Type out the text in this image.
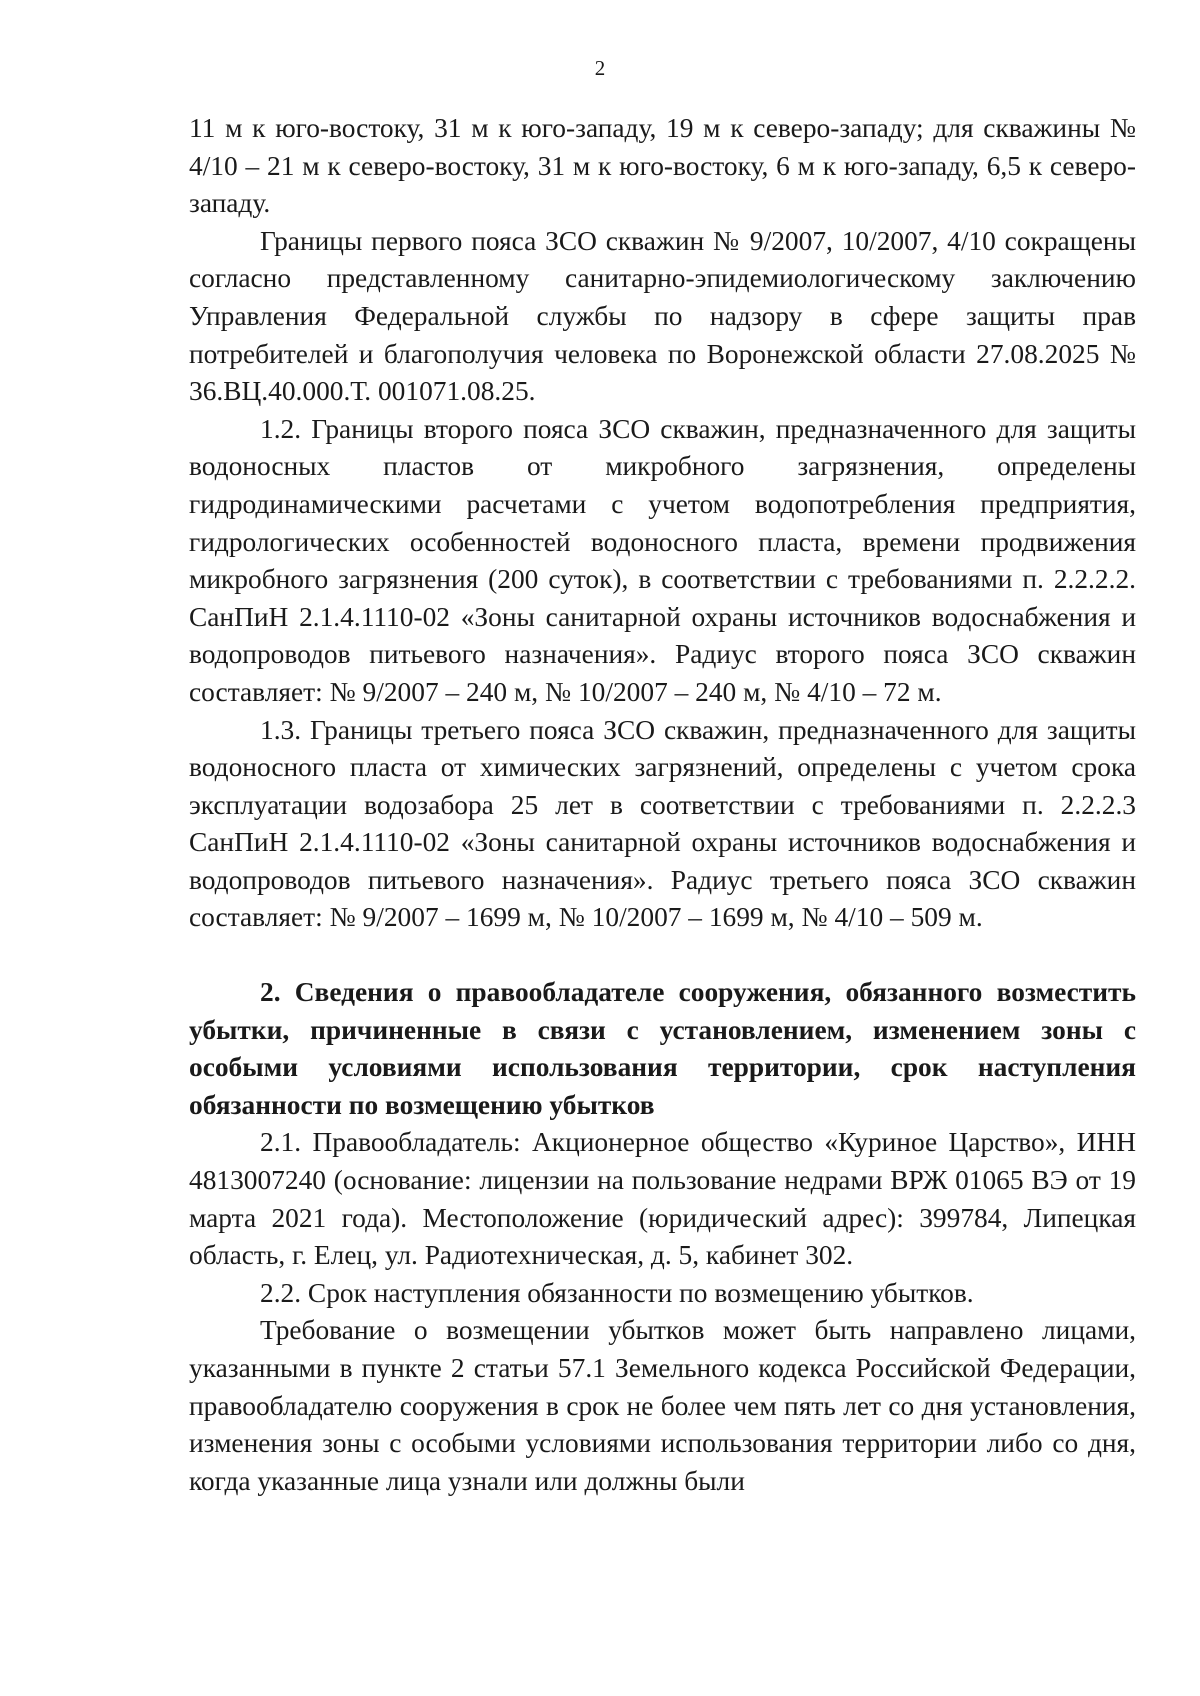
2

11 м к юго-востоку, 31 м к юго-западу, 19 м к северо-западу; для скважины № 4/10 – 21 м к северо-востоку, 31 м к юго-востоку, 6 м к юго-западу, 6,5 к северо-западу.

Границы первого пояса ЗСО скважин № 9/2007, 10/2007, 4/10 сокращены согласно представленному санитарно-эпидемиологическому заключению Управления Федеральной службы по надзору в сфере защиты прав потребителей и благополучия человека по Воронежской области 27.08.2025 № 36.ВЦ.40.000.Т. 001071.08.25.

1.2. Границы второго пояса ЗСО скважин, предназначенного для защиты водоносных пластов от микробного загрязнения, определены гидродинамическими расчетами с учетом водопотребления предприятия, гидрологических особенностей водоносного пласта, времени продвижения микробного загрязнения (200 суток), в соответствии с требованиями п. 2.2.2.2. СанПиН 2.1.4.1110-02 «Зоны санитарной охраны источников водоснабжения и водопроводов питьевого назначения». Радиус второго пояса ЗСО скважин составляет: № 9/2007 – 240 м, № 10/2007 – 240 м, № 4/10 – 72 м.

1.3. Границы третьего пояса ЗСО скважин, предназначенного для защиты водоносного пласта от химических загрязнений, определены с учетом срока эксплуатации водозабора 25 лет в соответствии с требованиями п. 2.2.2.3 СанПиН 2.1.4.1110-02 «Зоны санитарной охраны источников водоснабжения и водопроводов питьевого назначения». Радиус третьего пояса ЗСО скважин составляет: № 9/2007 – 1699 м, № 10/2007 – 1699 м, № 4/10 – 509 м.

2. Сведения о правообладателе сооружения, обязанного возместить убытки, причиненные в связи с установлением, изменением зоны с особыми условиями использования территории, срок наступления обязанности по возмещению убытков

2.1. Правообладатель: Акционерное общество «Куриное Царство», ИНН 4813007240 (основание: лицензии на пользование недрами ВРЖ 01065 ВЭ от 19 марта 2021 года). Местоположение (юридический адрес): 399784, Липецкая область, г. Елец, ул. Радиотехническая, д. 5, кабинет 302.

2.2. Срок наступления обязанности по возмещению убытков.

Требование о возмещении убытков может быть направлено лицами, указанными в пункте 2 статьи 57.1 Земельного кодекса Российской Федерации, правообладателю сооружения в срок не более чем пять лет со дня установления, изменения зоны с особыми условиями использования территории либо со дня, когда указанные лица узнали или должны были
